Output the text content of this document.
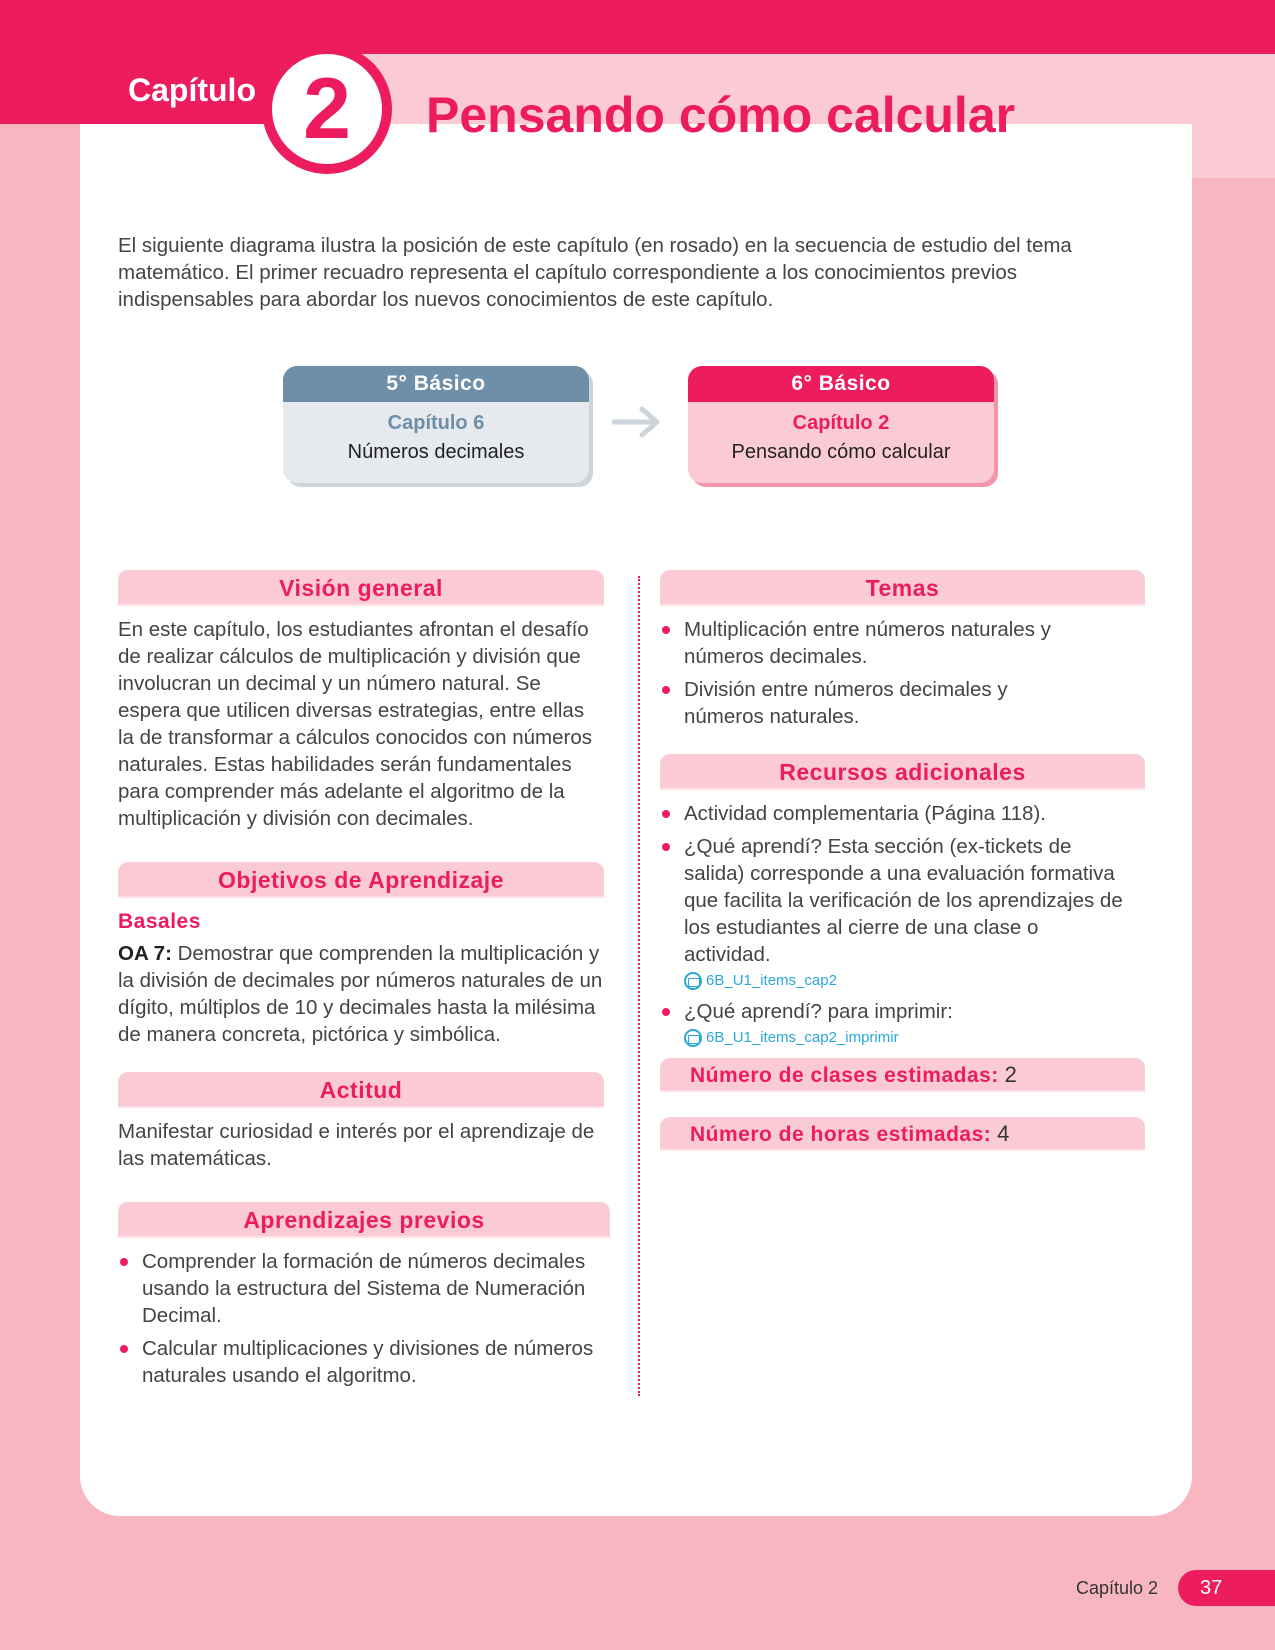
Capítulo 2	Pensando cómo calcular
El siguiente diagrama ilustra la posición de este capítulo (en rosado) en la secuencia de estudio del tema matemático. El primer recuadro representa el capítulo correspondiente a los conocimientos previos indispensables para abordar los nuevos conocimientos de este capítulo.
5° Básico
Capítulo 6
Números decimales
6° Básico
Capítulo 2
Pensando cómo calcular
Visión general
En este capítulo, los estudiantes afrontan el desafío de realizar cálculos de multiplicación y división que involucran un decimal y un número natural. Se espera que utilicen diversas estrategias, entre ellas la de transformar a cálculos conocidos con números naturales. Estas habilidades serán fundamentales para comprender más adelante el algoritmo de la multiplicación y división con decimales.
Objetivos de Aprendizaje
Basales
OA 7: Demostrar que comprenden la multiplicación y la división de decimales por números naturales de un dígito, múltiplos de 10 y decimales hasta la milésima de manera concreta, pictórica y simbólica.
Actitud
Manifestar curiosidad e interés por el aprendizaje de las matemáticas.
Aprendizajes previos
Comprender la formación de números decimales usando la estructura del Sistema de Numeración Decimal.
Calcular multiplicaciones y divisiones de números naturales usando el algoritmo.
Temas
Multiplicación entre números naturales y números decimales.
División entre números decimales y números naturales.
Recursos adicionales
Actividad complementaria (Página 118).
¿Qué aprendí? Esta sección (ex-tickets de salida) corresponde a una evaluación formativa que facilita la verificación de los aprendizajes de los estudiantes al cierre de una clase o actividad.
6B_U1_items_cap2
¿Qué aprendí? para imprimir:
6B_U1_items_cap2_imprimir
Número de clases estimadas: 2
Número de horas estimadas: 4
Capítulo 2	37
